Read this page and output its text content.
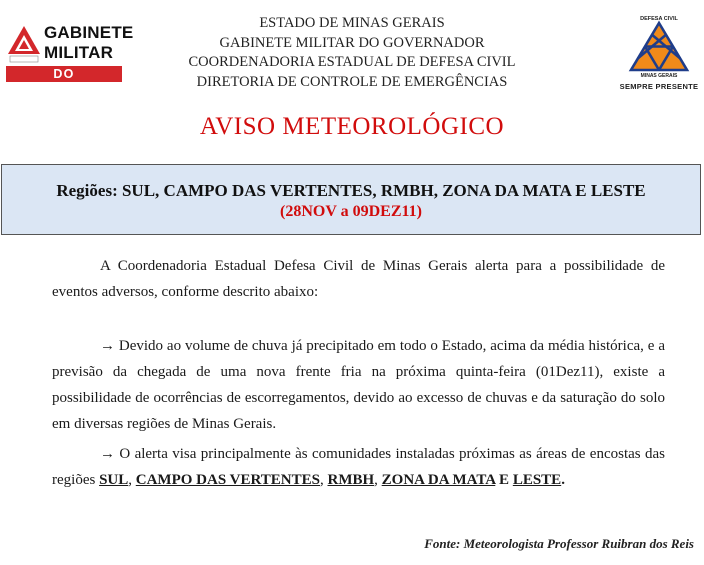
GABINETE
MILITAR
DO GOVERNADOR
ESTADO DE MINAS GERAIS
GABINETE MILITAR DO GOVERNADOR
COORDENADORIA ESTADUAL DE DEFESA CIVIL
DIRETORIA DE CONTROLE DE EMERGÊNCIAS
DEFESA CIVIL
MINAS GERAIS
SEMPRE PRESENTE
AVISO METEOROLÓGICO
Regiões: SUL, CAMPO DAS VERTENTES, RMBH, ZONA DA MATA E LESTE
(28NOV a 09DEZ11)
A Coordenadoria Estadual Defesa Civil de Minas Gerais alerta para a possibilidade de eventos adversos, conforme descrito abaixo:
→ Devido ao volume de chuva já precipitado em todo o Estado, acima da média histórica, e a previsão da chegada de uma nova frente fria na próxima quinta-feira (01Dez11), existe a possibilidade de ocorrências de escorregamentos, devido ao excesso de chuvas e da saturação do solo em diversas regiões de Minas Gerais.
→ O alerta visa principalmente às comunidades instaladas próximas as áreas de encostas das regiões SUL, CAMPO DAS VERTENTES, RMBH, ZONA DA MATA E LESTE.
Fonte: Meteorologista Professor Ruibran dos Reis
